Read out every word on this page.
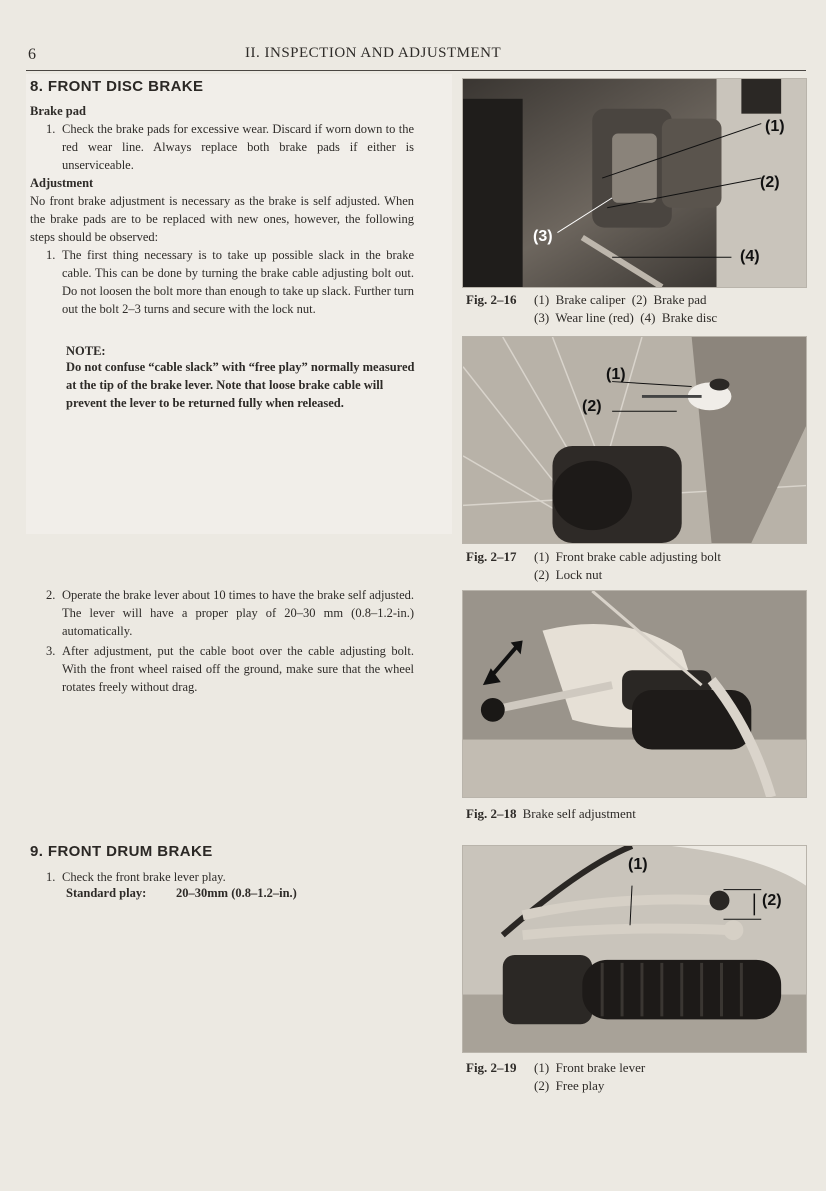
6	II. INSPECTION AND ADJUSTMENT
8. FRONT DISC BRAKE
Brake pad
1. Check the brake pads for excessive wear. Discard if worn down to the red wear line. Always replace both brake pads if either is unserviceable.
Adjustment
No front brake adjustment is necessary as the brake is self adjusted. When the brake pads are to be replaced with new ones, however, the following steps should be observed:
1. The first thing necessary is to take up possible slack in the brake cable. This can be done by turning the brake cable adjusting bolt out. Do not loosen the bolt more than enough to take up slack. Further turn out the bolt 2–3 turns and secure with the lock nut.
NOTE:
Do not confuse “cable slack” with “free play” normally measured at the tip of the brake lever. Note that loose brake cable will prevent the lever to be returned fully when released.
2. Operate the brake lever about 10 times to have the brake self adjusted. The lever will have a proper play of 20–30 mm (0.8–1.2-in.) automatically.
3. After adjustment, put the cable boot over the cable adjusting bolt. With the front wheel raised off the ground, make sure that the wheel rotates freely without drag.
9. FRONT DRUM BRAKE
1. Check the front brake lever play.
Standard play: 20–30mm (0.8–1.2–in.)
(1)
(2)
(3)
(4)
Fig. 2–16 (1)  Brake caliper  (2)  Brake pad
(3)  Wear line (red)  (4)  Brake disc
(1)
(2)
Fig. 2–17 (1)  Front brake cable adjusting bolt
(2)  Lock nut
Fig. 2–18 Brake self adjustment
(1)
(2)
Fig. 2–19 (1)  Front brake lever
(2)  Free play
